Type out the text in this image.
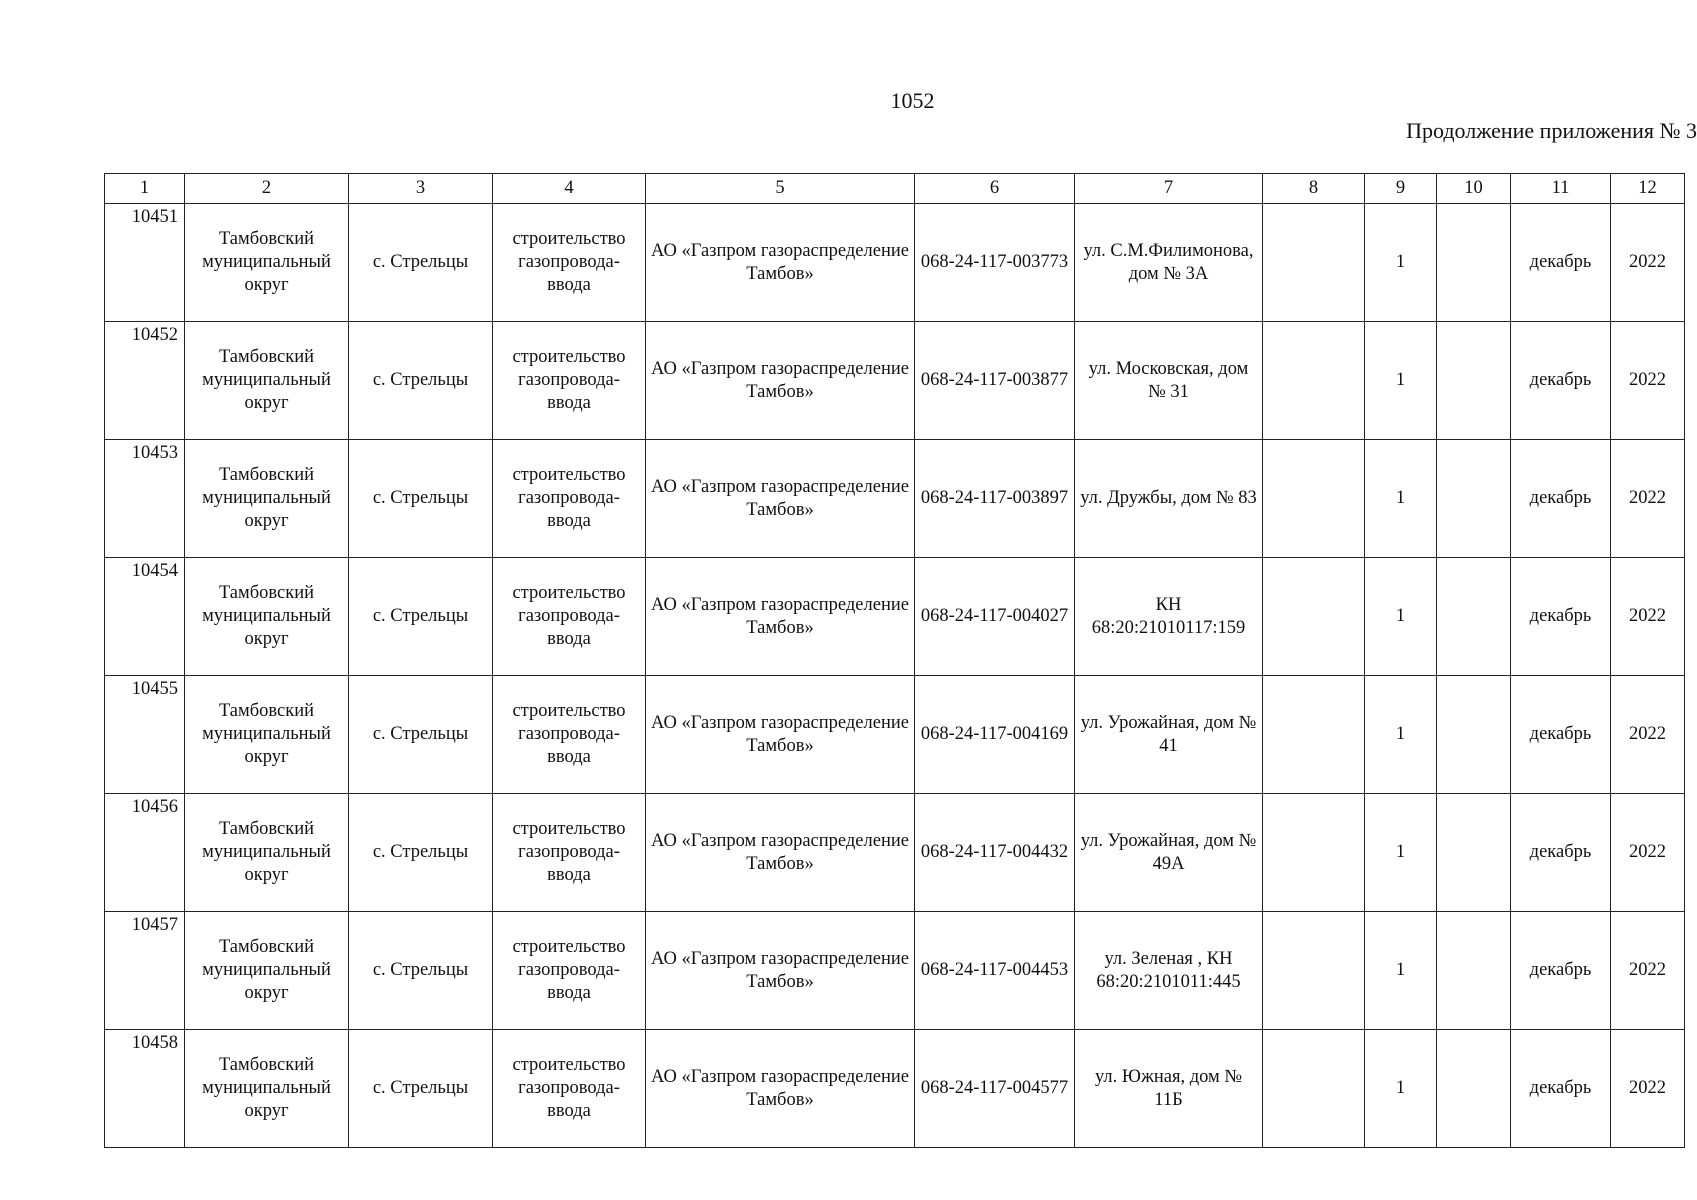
1052
Продолжение приложения № 3
1	2	3	4	5	6	7	8	9	10	11	12

10451	Тамбовский муниципальный округ	с. Стрельцы	строительство газопровода-ввода	АО «Газпром газораспределение Тамбов»	068-24-117-003773	ул. С.М.Филимонова, дом № 3А		1		декабрь	2022

10452	Тамбовский муниципальный округ	с. Стрельцы	строительство газопровода-ввода	АО «Газпром газораспределение Тамбов»	068-24-117-003877	ул. Московская, дом № 31		1		декабрь	2022

10453	Тамбовский муниципальный округ	с. Стрельцы	строительство газопровода-ввода	АО «Газпром газораспределение Тамбов»	068-24-117-003897	ул. Дружбы, дом № 83		1		декабрь	2022

10454	Тамбовский муниципальный округ	с. Стрельцы	строительство газопровода-ввода	АО «Газпром газораспределение Тамбов»	068-24-117-004027	КН 68:20:21010117:159		1		декабрь	2022

10455	Тамбовский муниципальный округ	с. Стрельцы	строительство газопровода-ввода	АО «Газпром газораспределение Тамбов»	068-24-117-004169	ул. Урожайная, дом № 41		1		декабрь	2022

10456	Тамбовский муниципальный округ	с. Стрельцы	строительство газопровода-ввода	АО «Газпром газораспределение Тамбов»	068-24-117-004432	ул. Урожайная, дом № 49А		1		декабрь	2022

10457	Тамбовский муниципальный округ	с. Стрельцы	строительство газопровода-ввода	АО «Газпром газораспределение Тамбов»	068-24-117-004453	ул. Зеленая , КН 68:20:2101011:445		1		декабрь	2022

10458	Тамбовский муниципальный округ	с. Стрельцы	строительство газопровода-ввода	АО «Газпром газораспределение Тамбов»	068-24-117-004577	ул. Южная, дом № 11Б		1		декабрь	2022
